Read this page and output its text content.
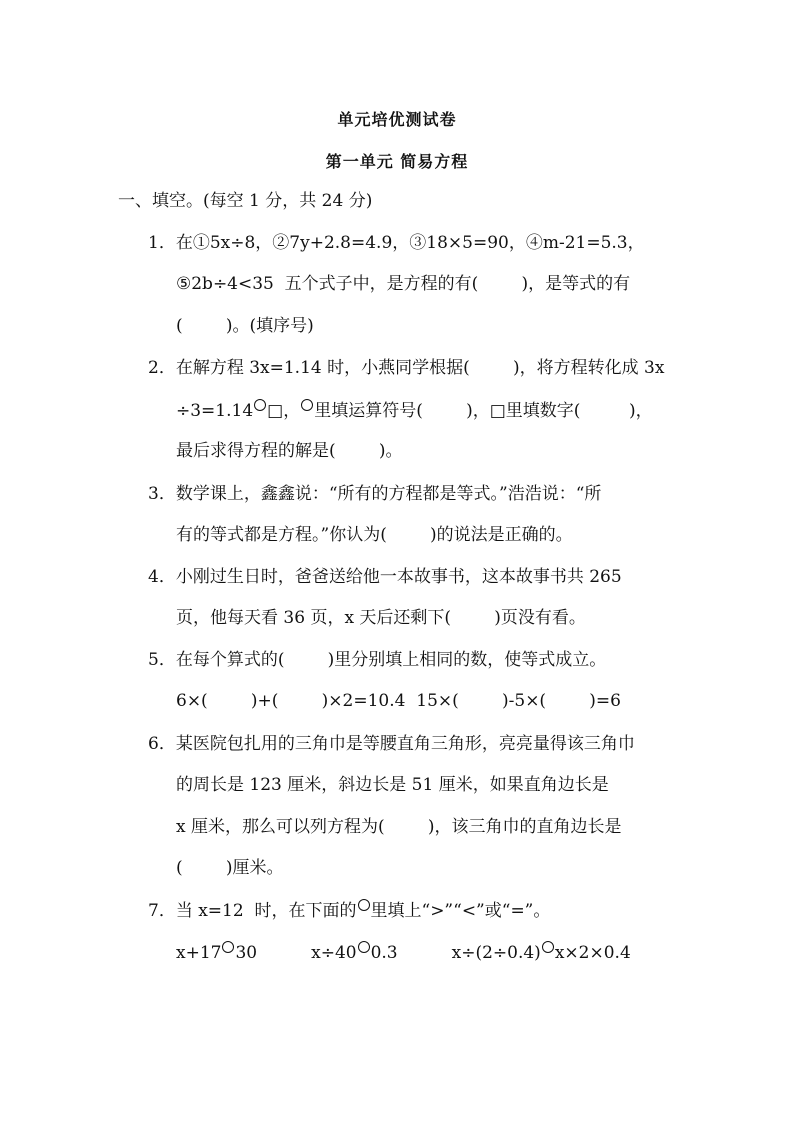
单元培优测试卷
第一单元 简易方程
一、填空。(每空 1 分，共 24 分)
1．在①5x÷8，②7y+2.8=4.9，③18×5=90，④m-21=5.3，
⑤2b÷4<35  五个式子中，是方程的有(        )，是等式的有
(        )。(填序号)
2．在解方程 3x=1.14 时，小燕同学根据(        )，将方程转化成 3x
÷3=1.14 □， 里填运算符号(        )，□里填数字(         )，
最后求得方程的解是(        )。
3．数学课上，鑫鑫说：“所有的方程都是等式。”浩浩说：“所
有的等式都是方程。”你认为(        )的说法是正确的。
4．小刚过生日时，爸爸送给他一本故事书，这本故事书共 265
页，他每天看 36 页，x 天后还剩下(        )页没有看。
5．在每个算式的(        )里分别填上相同的数，使等式成立。
6×(        )+(        )×2=10.4  15×(        )-5×(        )=6
6．某医院包扎用的三角巾是等腰直角三角形，亮亮量得该三角巾
的周长是 123 厘米，斜边长是 51 厘米，如果直角边长是
x 厘米，那么可以列方程为(        )，该三角巾的直角边长是
(        )厘米。
7．当 x=12  时，在下面的 里填上“>”“<”或“=”。
x+17 30	x÷40 0.3	x÷(2÷0.4) x×2×0.4
